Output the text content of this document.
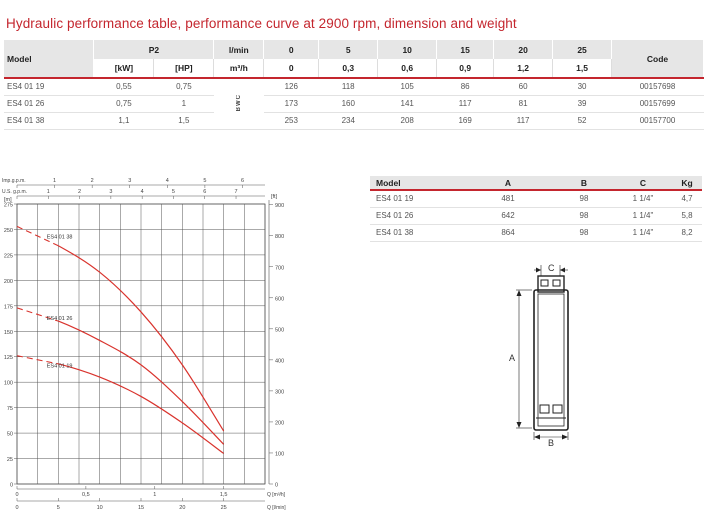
Hydraulic performance table, performance curve at 2900 rpm, dimension and weight
Model	P2		l/min	0	5	10	15	20	25	Code
	[kW]	[HP]	m³/h	0	0,3	0,6	0,9	1,2	1,5	
ES4 01 19	0,55	0,75	BWC	126	118	105	86	60	30	00157698
ES4 01 26	0,75	1		173	160	141	117	81	39	00157699
ES4 01 38	1,1	1,5		253	234	208	169	117	52	00157700
0
25
50
75
100
125
150
175
200
225
250
275
[m]
0
100
200
300
400
500
600
700
800
900
[ft]
Imp.g.p.m.	1	2	3	4	5	6
U.S. g.p.m.	1	2	3	4	5	6	7
0	0,5	1	1,5	Q [m³/h]
0	5	10	15	20	25	Q [l/min]
ES4 01 38
ES4 01 26
ES4 01 19
Model	A	B	C	Kg
ES4 01 19	481	98	1 1/4"	4,7
ES4 01 26	642	98	1 1/4"	5,8
ES4 01 38	864	98	1 1/4"	8,2
A
B
C
